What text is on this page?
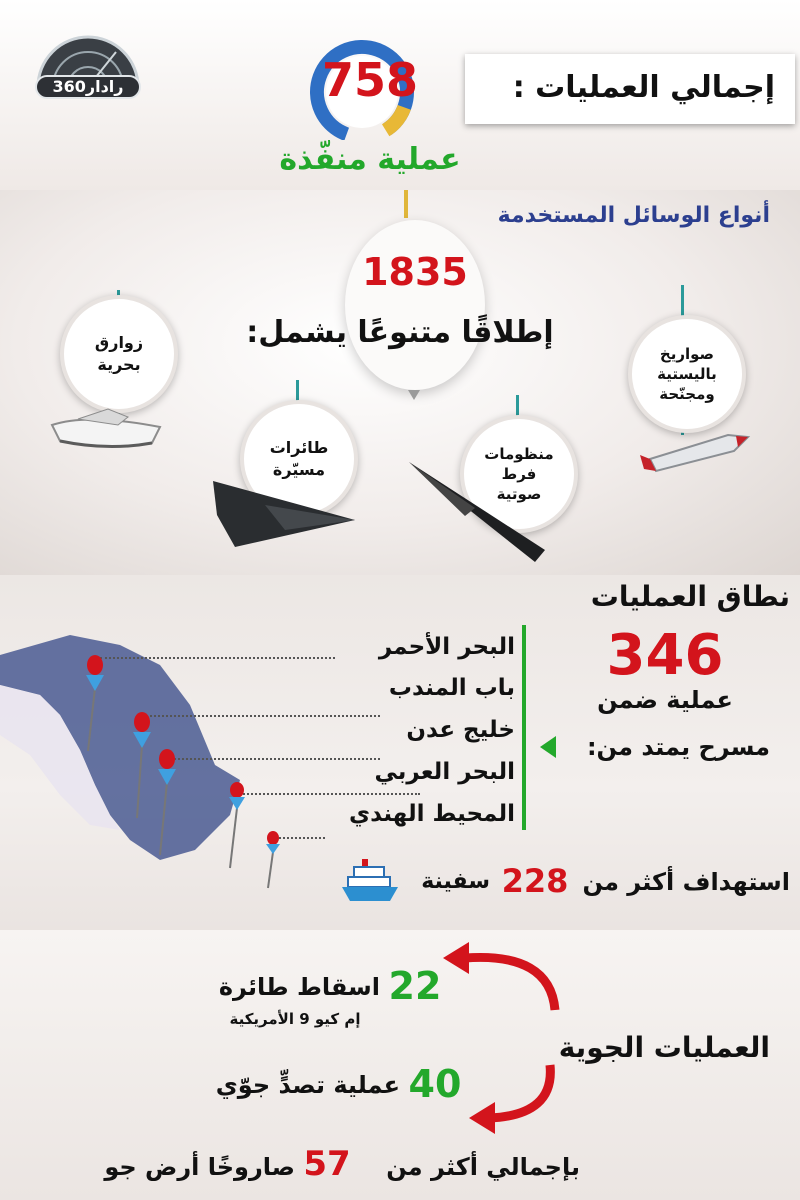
رادار360	758	إجمالي العمليات :
عملية منفّذة
أنواع الوسائل المستخدمة
1835
إطلاقًا متنوعًا يشمل:
زوارق
بحرية
طائرات
مسيّرة
منظومات
فرط
صوتية
صواريخ
باليستية
ومجنّحة
نطاق العمليات
البحر الأحمر
باب المندب
خليج عدن
البحر العربي
المحيط الهندي
346
عملية ضمن
مسرح يمتد من:
سفينة 228 استهداف أكثر من
22
اسقاط طائرة
إم كيو 9 الأمريكية
العمليات الجوية
40
عملية تصدٍّ جوّي
صاروخًا أرض جو 57	بإجمالي أكثر من
